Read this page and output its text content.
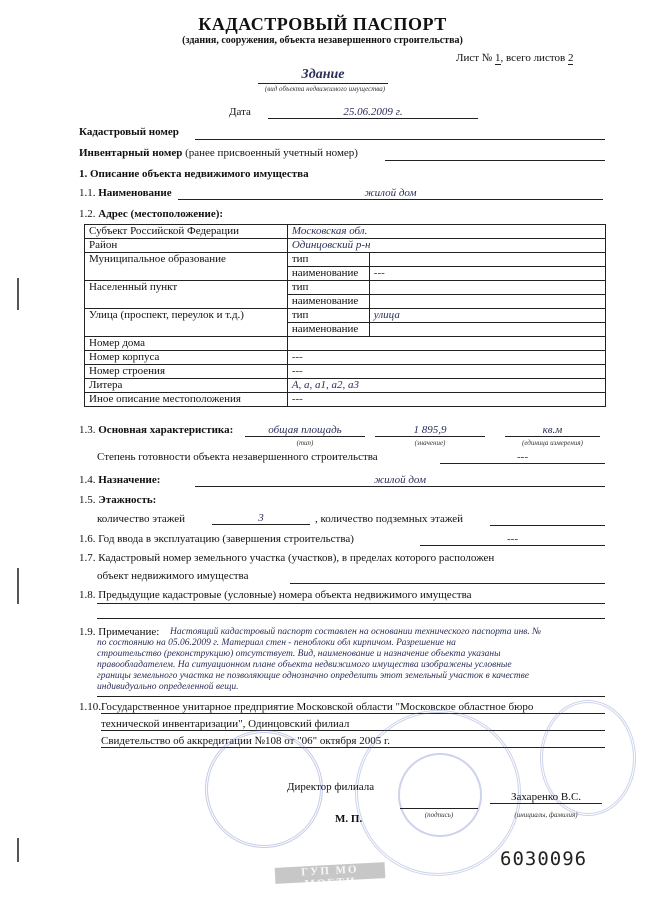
КАДАСТРОВЫЙ ПАСПОРТ
(здания, сооружения, объекта незавершенного строительства)
Лист № 1, всего листов 2
Здание
(вид объекта недвижимого имущества)
Дата	25.06.2009 г.
Кадастровый номер
Инвентарный номер (ранее присвоенный учетный номер)
1. Описание объекта недвижимого имущества
1.1. Наименование	жилой дом
1.2. Адрес (местоположение):
Субъект Российской Федерации	Московская обл.	
Район	Одинцовский р-н	
Муниципальное образование	тип	
	наименование	---
Населенный пункт	тип	
	наименование	
Улица (проспект, переулок и т.д.)	тип	улица
	наименование	
Номер дома		
Номер корпуса	---	
Номер строения	---	
Литера	А, а, а1, а2, а3	
Иное описание местоположения	---	
1.3. Основная характеристика:	общая площадь
(тип)
1 895,9
(значение)
кв.м
(единица измерения)
Степень готовности объекта незавершенного строительства	---
1.4. Назначение:	жилой дом
1.5. Этажность:
количество этажей	3	, количество подземных этажей
1.6. Год ввода в эксплуатацию (завершения строительства)	---
1.7. Кадастровый номер земельного участка (участков), в пределах которого расположен
объект недвижимого имущества
1.8. Предыдущие кадастровые (условные) номера объекта недвижимого имущества
1.9. Примечание: Настоящий кадастровый паспорт составлен на основании технического паспорта инв. №
по состоянию на 05.06.2009 г. Материал стен - пеноблоки обл кирпичом. Разрешение на
строительство (реконструкцию) отсутствует. Вид, наименование и назначение объекта указаны
правообладателем. На ситуационном плане объекта недвижимого имущества изображены условные
границы земельного участка не позволяющие однозначно определить этот земельный участок в качестве
индивидуально определенной вещи.
1.10. Государственное унитарное предприятие Московской области "Московское областное бюро
технической инвентаризации", Одинцовский филиал
Свидетельство об аккредитации №108 от "06" октября 2005 г.
ГУП МО МОБТИ
Директор филиала
(подпись)
Захаренко В.С.
(инициалы, фамилия)
М. П.
6030096
